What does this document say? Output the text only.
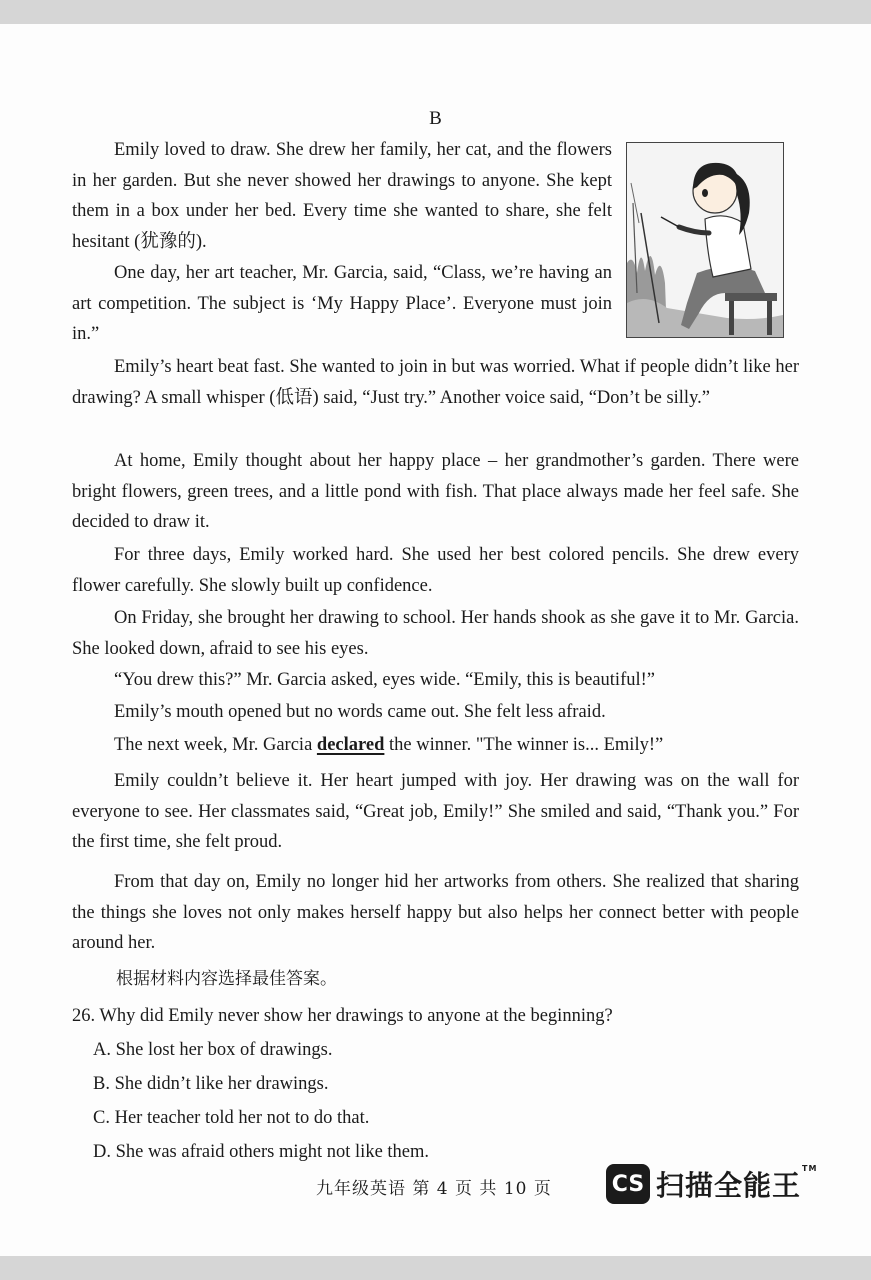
B

Emily loved to draw. She drew her family, her cat, and the flowers in her garden. But she never showed her drawings to anyone. She kept them in a box under her bed. Every time she wanted to share, she felt hesitant (犹豫的).

One day, her art teacher, Mr. Garcia, said, “Class, we’re having an art competition. The subject is ‘My Happy Place’. Everyone must join in.”

Emily’s heart beat fast. She wanted to join in but was worried. What if people didn’t like her drawing? A small whisper (低语) said, “Just try.” Another voice said, “Don’t be silly.”

At home, Emily thought about her happy place – her grandmother’s garden. There were bright flowers, green trees, and a little pond with fish. That place always made her feel safe. She decided to draw it.

For three days, Emily worked hard. She used her best colored pencils. She drew every flower carefully. She slowly built up confidence.

On Friday, she brought her drawing to school. Her hands shook as she gave it to Mr. Garcia. She looked down, afraid to see his eyes.

“You drew this?” Mr. Garcia asked, eyes wide. “Emily, this is beautiful!”

Emily’s mouth opened but no words came out. She felt less afraid.

The next week, Mr. Garcia declared the winner. "The winner is... Emily!”

Emily couldn’t believe it. Her heart jumped with joy. Her drawing was on the wall for everyone to see. Her classmates said, “Great job, Emily!” She smiled and said, “Thank you.” For the first time, she felt proud.

From that day on, Emily no longer hid her artworks from others. She realized that sharing the things she loves not only makes herself happy but also helps her connect better with people around her.

根据材料内容选择最佳答案。
26. Why did Emily never show her drawings to anyone at the beginning?
A. She lost her box of drawings.
B. She didn’t like her drawings.
C. Her teacher told her not to do that.
D. She was afraid others might not like them.
九年级英语 第 4 页 共 10 页	CS 扫描全能王™
